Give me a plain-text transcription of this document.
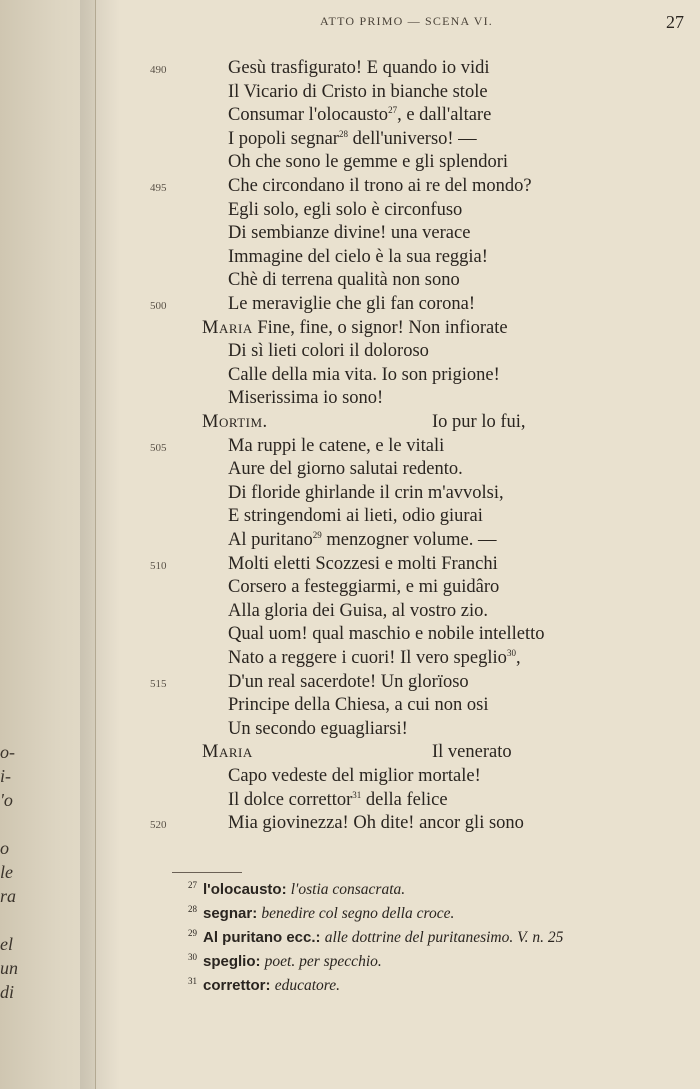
o-
i-
'o
o
le
ra
el
un
di
ATTO PRIMO — SCENA VI.	27
490	Gesù trasfigurato! E quando io vidi
Il Vicario di Cristo in bianche stole
Consumar l'olocausto$^{27}$, e dall'altare
I popoli segnar$^{28}$ dell'universo! —
Oh che sono le gemme e gli splendori
495	Che circondano il trono ai re del mondo?
Egli solo, egli solo è circonfuso
Di sembianze divine! una verace
Immagine del cielo è la sua reggia!
Chè di terrena qualità non sono
500	Le meraviglie che gli fan corona!
Maria Fine, fine, o signor! Non infiorate
Di sì lieti colori il doloroso
Calle della mia vita. Io son prigione!
Miserissima io sono!
Mortim.	Io pur lo fui,
505	Ma ruppi le catene, e le vitali
Aure del giorno salutai redento.
Di floride ghirlande il crin m'avvolsi,
E stringendomi ai lieti, odio giurai
Al puritano$^{29}$ menzogner volume. —
510	Molti eletti Scozzesi e molti Franchi
Corsero a festeggiarmi, e mi guidâro
Alla gloria dei Guisa, al vostro zio.
Qual uom! qual maschio e nobile intelletto
Nato a reggere i cuori! Il vero speglio$^{30}$,
515	D'un real sacerdote! Un glorïoso
Principe della Chiesa, a cui non osi
Un secondo eguagliarsi!
Maria	Il venerato
Capo vedeste del miglior mortale!
Il dolce correttor$^{31}$ della felice
520	Mia giovinezza! Oh dite! ancor gli sono
$^{27}$ l'olocausto: l'ostia consacrata.
$^{28}$ segnar: benedire col segno della croce.
$^{29}$ Al puritano ecc.: alle dottrine del puritanesimo. V. n. 25
$^{30}$ speglio: poet. per specchio.
$^{31}$ correttor: educatore.
